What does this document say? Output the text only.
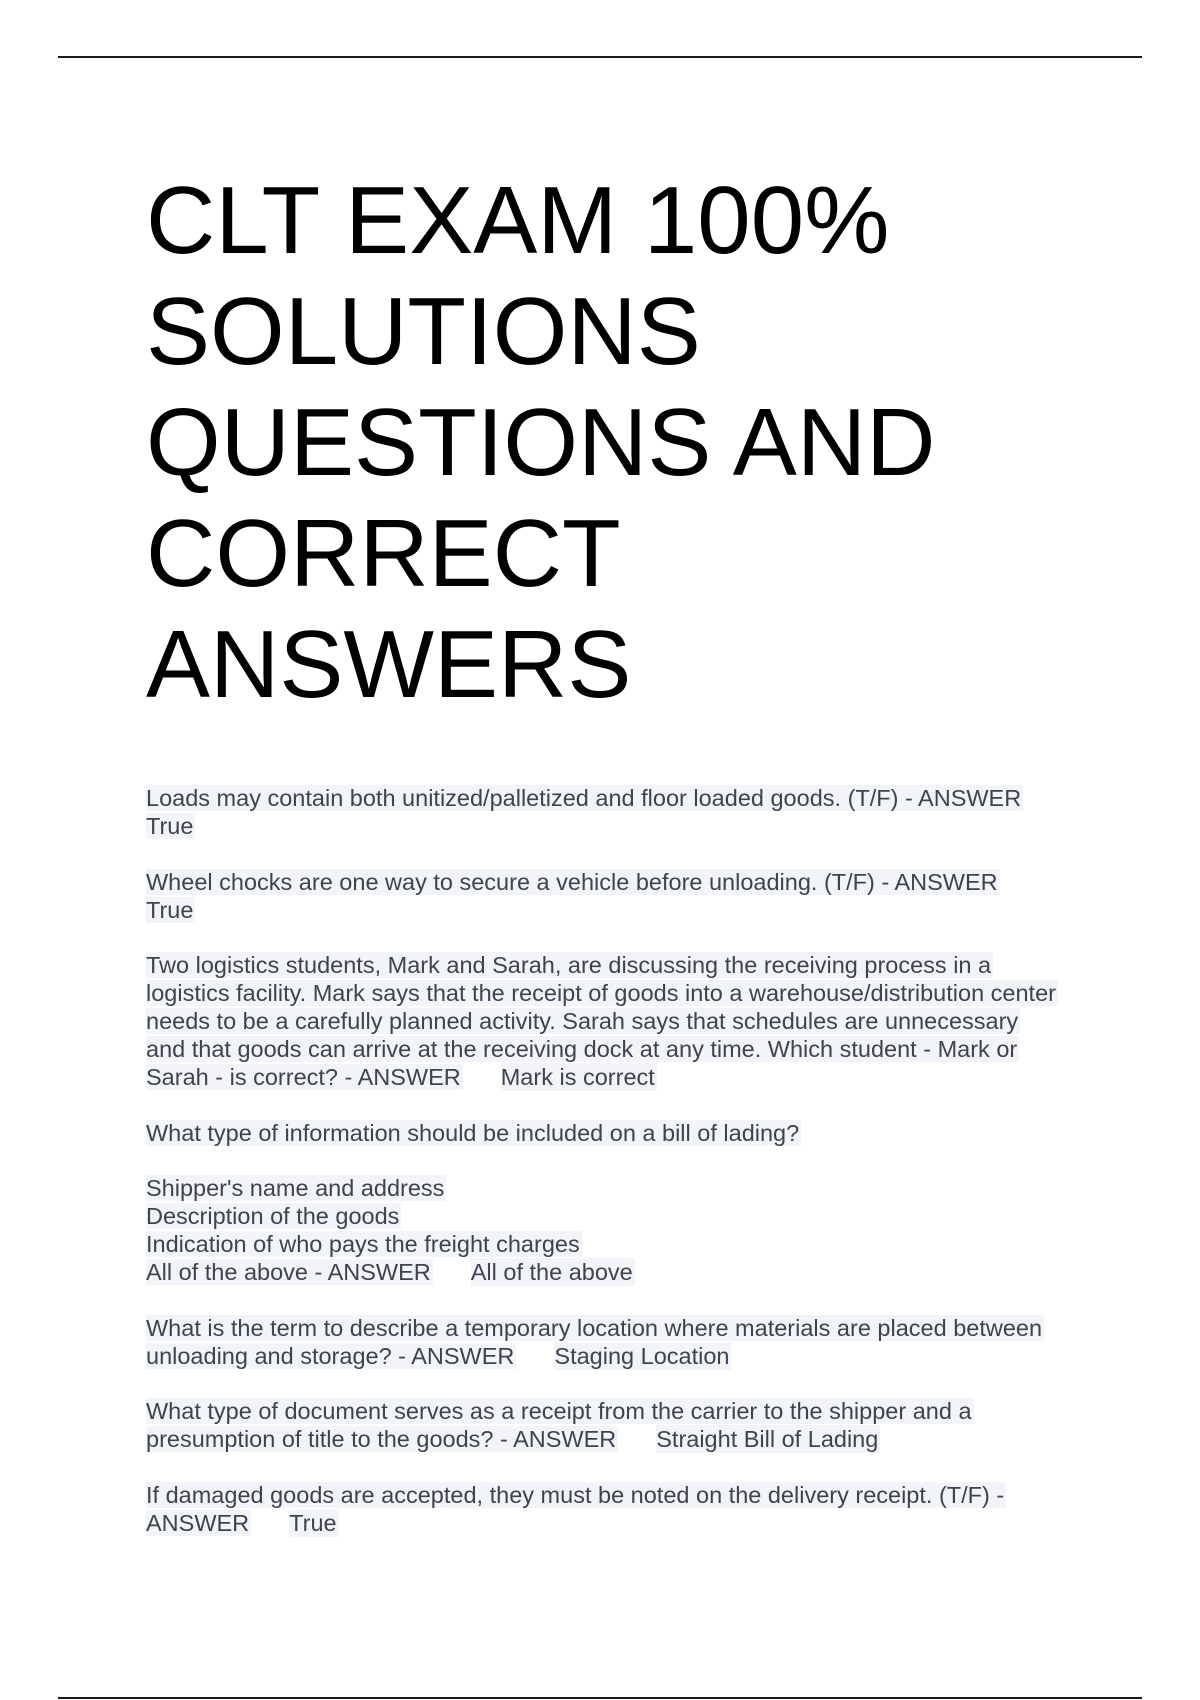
CLT EXAM 100%
SOLUTIONS
QUESTIONS AND
CORRECT
ANSWERS
Loads may contain both unitized/palletized and floor loaded goods. (T/F) - ANSWER
True
Wheel chocks are one way to secure a vehicle before unloading. (T/F) - ANSWER
True
Two logistics students, Mark and Sarah, are discussing the receiving process in a
logistics facility. Mark says that the receipt of goods into a warehouse/distribution center
needs to be a carefully planned activity. Sarah says that schedules are unnecessary
and that goods can arrive at the receiving dock at any time. Which student - Mark or
Sarah - is correct? - ANSWER Mark is correct
What type of information should be included on a bill of lading?
Shipper's name and address
Description of the goods
Indication of who pays the freight charges
All of the above - ANSWER All of the above
What is the term to describe a temporary location where materials are placed between
unloading and storage? - ANSWER Staging Location
What type of document serves as a receipt from the carrier to the shipper and a
presumption of title to the goods? - ANSWER Straight Bill of Lading
If damaged goods are accepted, they must be noted on the delivery receipt. (T/F) -
ANSWER True
